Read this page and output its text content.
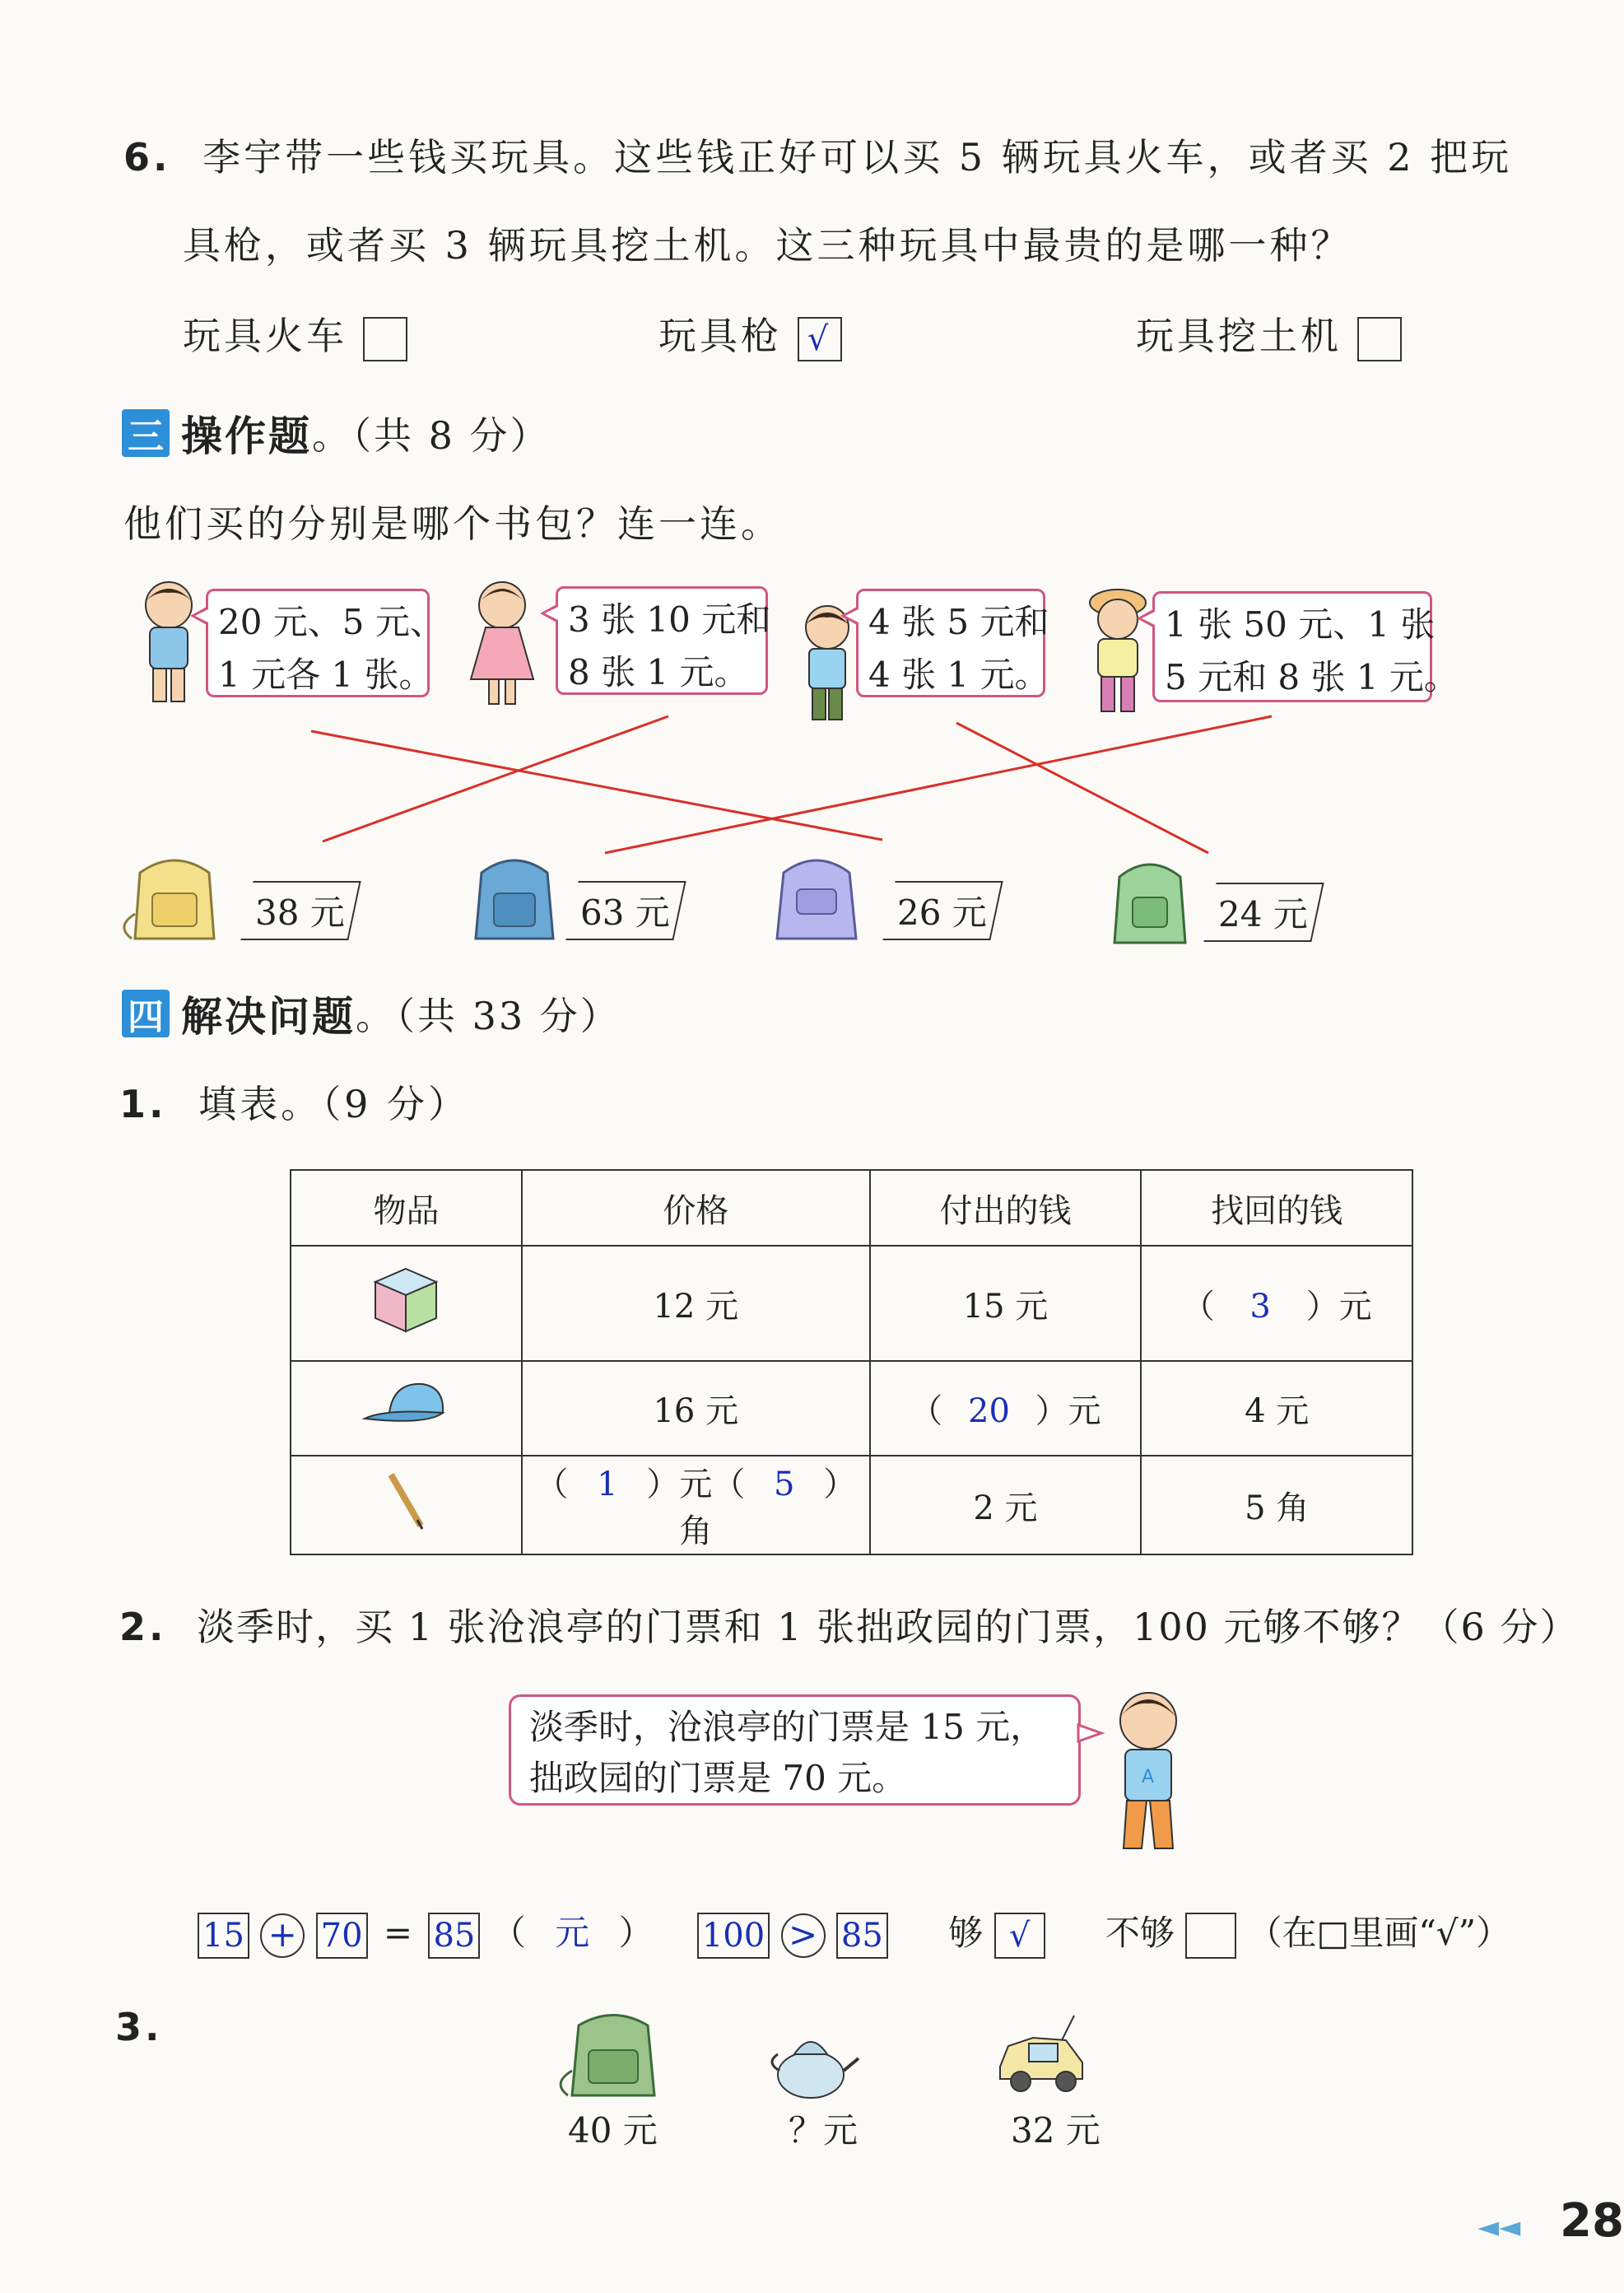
6. 李宇带一些钱买玩具。这些钱正好可以买 5 辆玩具火车，或者买 2 把玩
具枪，或者买 3 辆玩具挖土机。这三种玩具中最贵的是哪一种？
玩具火车	玩具枪 √	玩具挖土机
三 操作题 。（共 8 分）
他们买的分别是哪个书包？连一连。
20 元、5 元、
1 元各 1 张。
3 张 10 元和
8 张 1 元。
4 张 5 元和
4 张 1 元。
1 张 50 元、1 张
5 元和 8 张 1 元。
38 元	63 元	26 元	24 元
四 解决问题 。（共 33 分）
1. 填表。（9 分）
物品	价格	付出的钱	找回的钱
	12 元	15 元	（ 3 ）元
	16 元	（ 20 ）元	4 元
	（ 1 ）元（ 5 ）角	2 元	5 角
2. 淡季时，买 1 张沧浪亭的门票和 1 张拙政园的门票，100 元够不够？（6 分）
淡季时，沧浪亭的门票是 15 元，
拙政园的门票是 70 元。	A
15 + 70 = 85 （ 元 ） 100 > 85 够 √ 不够 （在□里画“√”）
3.
40 元	？元	32 元
◄◄ 28
